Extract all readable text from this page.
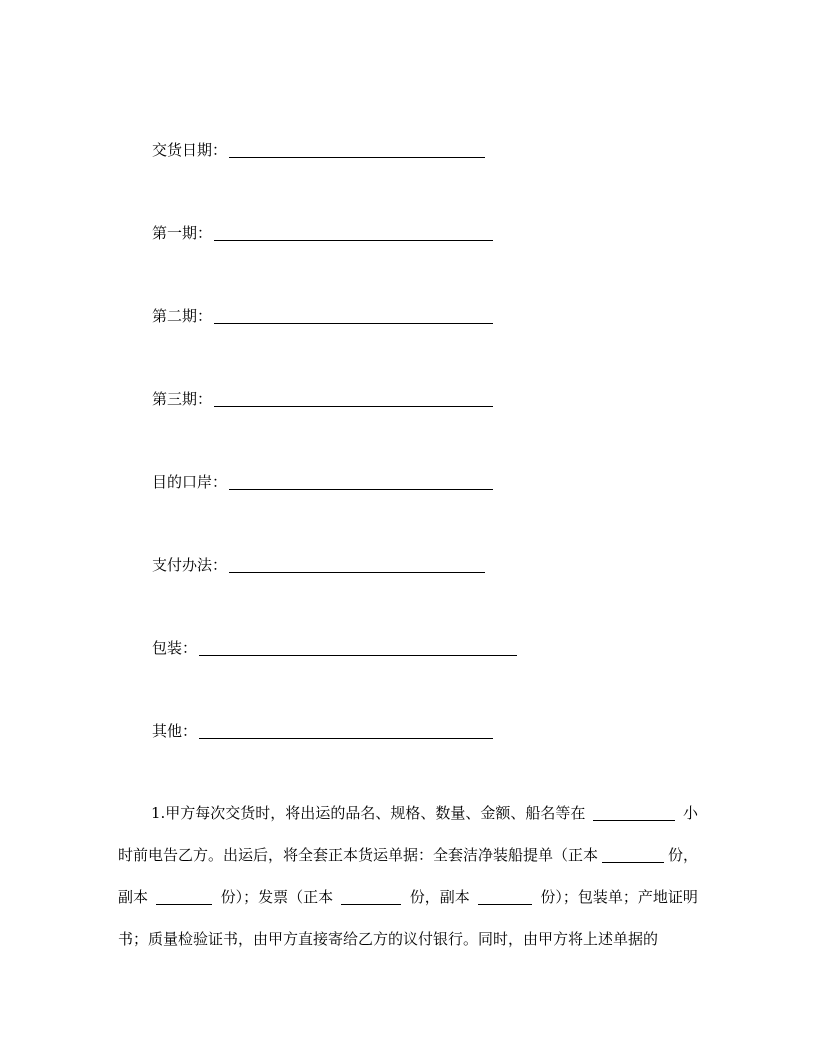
交货日期：
第一期：
第二期：
第三期：
目的口岸：
支付办法：
包装：
其他：
1.甲方每次交货时，将出运的品名、规格、数量、金额、船名等在	小
时前电告乙方。出运后，将全套正本货运单据：全套洁净装船提单（正本	份，
副本	份）；发票（正本	份，副本	份）；包装单；产地证明
书；质量检验证书，由甲方直接寄给乙方的议付银行。同时，由甲方将上述单据的
